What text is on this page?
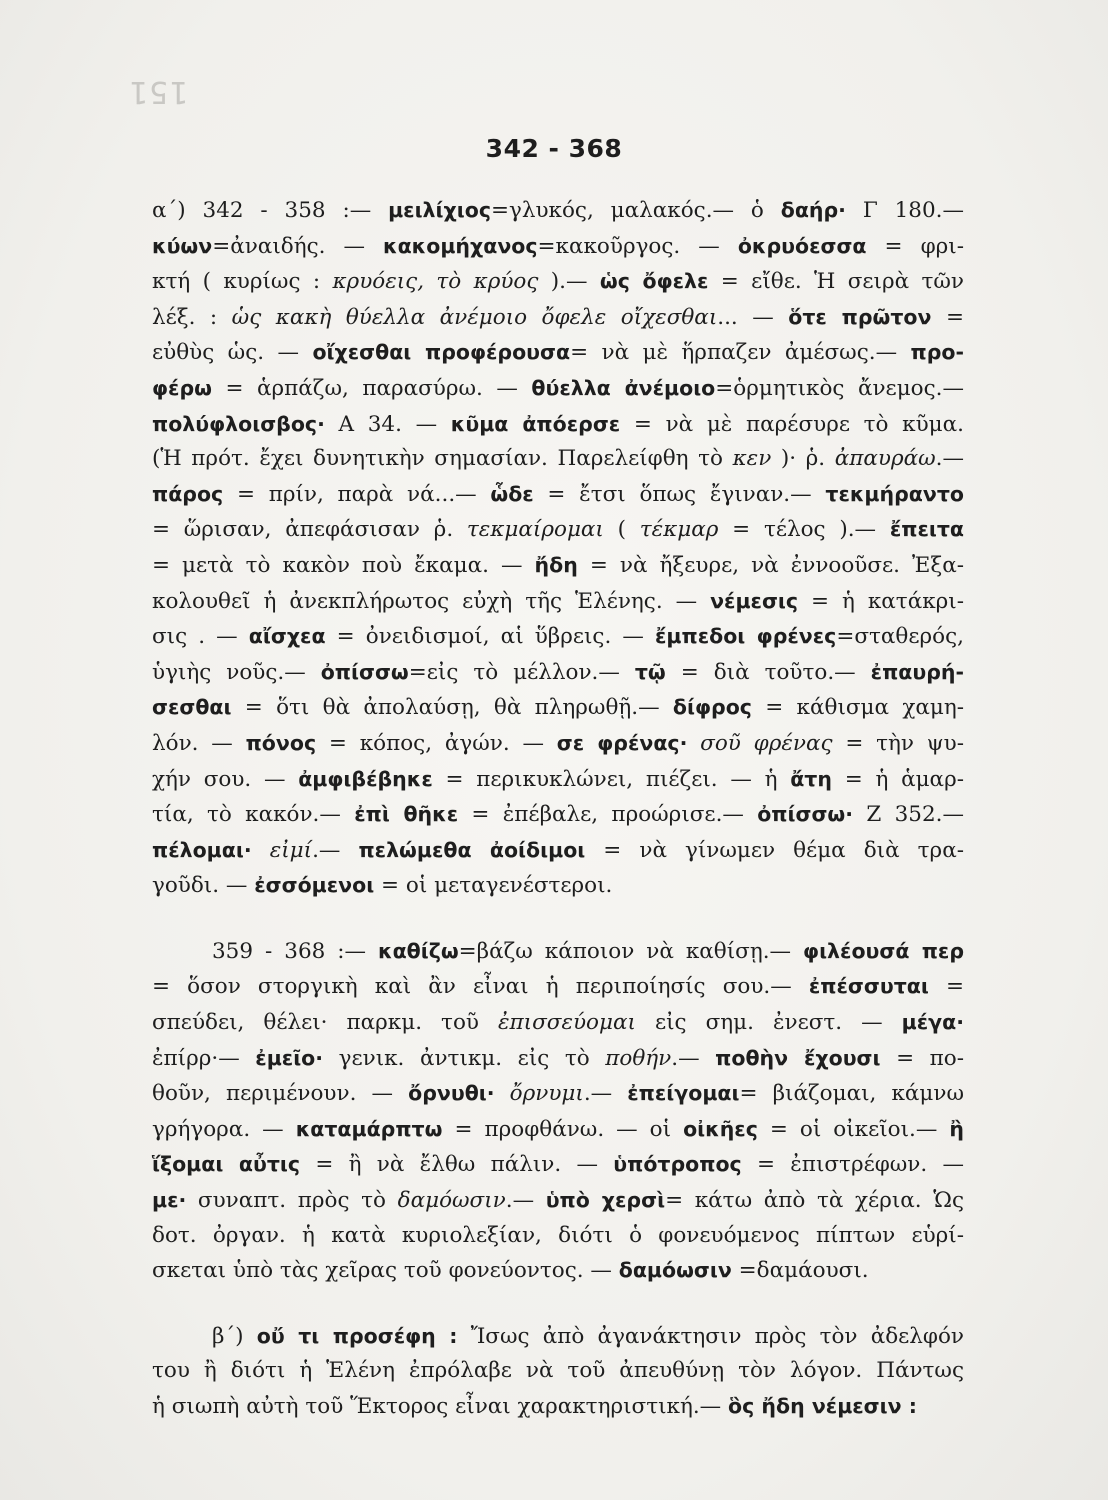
151
342 - 368
α΄) 342 - 358 :— μειλίχιος=γλυκός, μαλακός.— ὁ δαήρ· Γ 180.—
κύων=ἀναιδής. — κακομήχανος=κακοῦργος. — ὀκρυόεσσα = φρι-
κτή ( κυρίως : κρυόεις, τὸ κρύος ).— ὡς ὄφελε = εἴθε. Ἡ σειρὰ τῶν
λέξ. : ὡς κακὴ θύελλα ἀνέμοιο ὄφελε οἴχεσθαι... — ὅτε πρῶτον =
εὐθὺς ὡς. — οἴχεσθαι προφέρουσα= νὰ μὲ ἥρπαζεν ἀμέσως.— προ-
φέρω = ἁρπάζω, παρασύρω. — θύελλα ἀνέμοιο=ὁρμητικὸς ἄνεμος.—
πολύφλοισβος· Α 34. — κῦμα ἀπόερσε = νὰ μὲ παρέσυρε τὸ κῦμα.
(Ἡ πρότ. ἔχει δυνητικὴν σημασίαν. Παρελείφθη τὸ κεν )· ῥ. ἀπαυράω.—
πάρος = πρίν, παρὰ νά...— ὧδε = ἔτσι ὅπως ἔγιναν.— τεκμήραντο
= ὥρισαν, ἀπεφάσισαν ῥ. τεκμαίρομαι ( τέκμαρ = τέλος ).— ἔπειτα
= μετὰ τὸ κακὸν ποὺ ἔκαμα. — ἤδη = νὰ ἤξευρε, νὰ ἐννοοῦσε. Ἐξα-
κολουθεῖ ἡ ἀνεκπλήρωτος εὐχὴ τῆς Ἑλένης. — νέμεσις = ἡ κατάκρι-
σις . — αἴσχεα = ὀνειδισμοί, αἱ ὕβρεις. — ἔμπεδοι φρένες=σταθερός,
ὑγιὴς νοῦς.— ὀπίσσω=εἰς τὸ μέλλον.— τῷ = διὰ τοῦτο.— ἐπαυρή-
σεσθαι = ὅτι θὰ ἀπολαύσῃ, θὰ πληρωθῇ.— δίφρος = κάθισμα χαμη-
λόν. — πόνος = κόπος, ἀγών. — σε φρένας· σοῦ φρένας = τὴν ψυ-
χήν σου. — ἀμφιβέβηκε = περικυκλώνει, πιέζει. — ἡ ἄτη = ἡ ἁμαρ-
τία, τὸ κακόν.— ἐπὶ θῆκε = ἐπέβαλε, προώρισε.— ὀπίσσω· Ζ 352.—
πέλομαι· εἰμί.— πελώμεθα ἀοίδιμοι = νὰ γίνωμεν θέμα διὰ τρα-
γοῦδι. — ἐσσόμενοι = οἱ μεταγενέστεροι.
359 - 368 :— καθίζω=βάζω κάποιον νὰ καθίσῃ.— φιλέουσά περ
= ὅσον στοργικὴ καὶ ἂν εἶναι ἡ περιποίησίς σου.— ἐπέσσυται =
σπεύδει, θέλει· παρκμ. τοῦ ἐπισσεύομαι εἰς σημ. ἐνεστ. — μέγα·
ἐπίρρ·— ἐμεῖο· γενικ. ἀντικμ. εἰς τὸ ποθήν.— ποθὴν ἔχουσι = πο-
θοῦν, περιμένουν. — ὄρνυθι· ὄρνυμι.— ἐπείγομαι= βιάζομαι, κάμνω
γρήγορα. — καταμάρπτω = προφθάνω. — οἱ οἰκῆες = οἱ οἰκεῖοι.— ἢ
ἵξομαι αὖτις = ἢ νὰ ἔλθω πάλιν. — ὑπότροπος = ἐπιστρέφων. —
με· συναπτ. πρὸς τὸ δαμόωσιν.— ὑπὸ χερσὶ= κάτω ἀπὸ τὰ χέρια. Ὡς
δοτ. ὀργαν. ἡ κατὰ κυριολεξίαν, διότι ὁ φονευόμενος πίπτων εὑρί-
σκεται ὑπὸ τὰς χεῖρας τοῦ φονεύοντος. — δαμόωσιν =δαμάουσι.
β΄) οὔ τι προσέφη : Ἴσως ἀπὸ ἀγανάκτησιν πρὸς τὸν ἀδελφόν
του ἢ διότι ἡ Ἑλένη ἐπρόλαβε νὰ τοῦ ἀπευθύνῃ τὸν λόγον. Πάντως
ἡ σιωπὴ αὐτὴ τοῦ Ἕκτορος εἶναι χαρακτηριστική.— ὃς ἤδη νέμεσιν :
